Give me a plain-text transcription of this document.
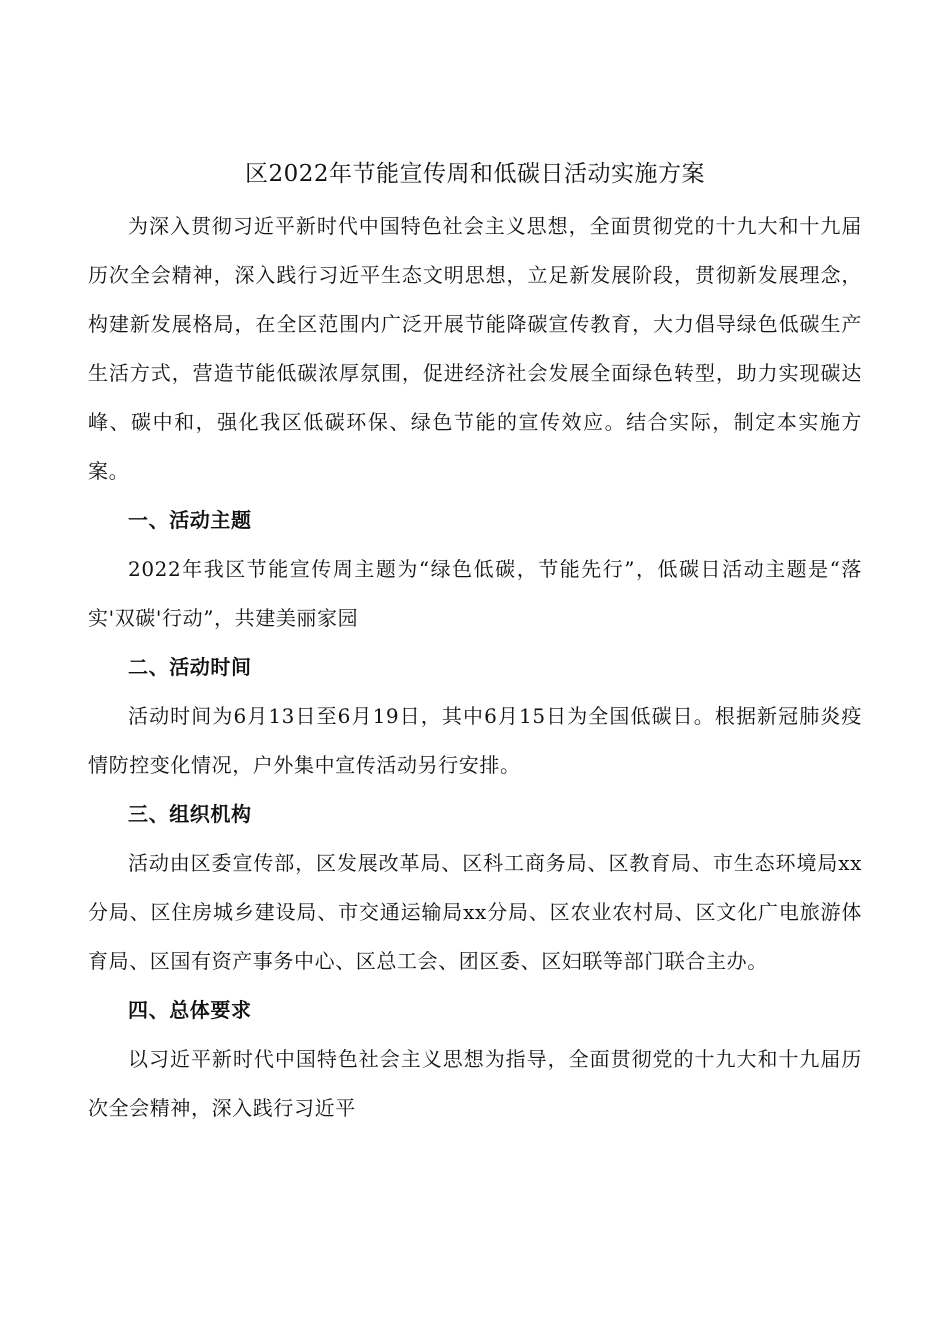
区2022年节能宣传周和低碳日活动实施方案

为深入贯彻习近平新时代中国特色社会主义思想，全面贯彻党的十九大和十九届历次全会精神，深入践行习近平生态文明思想，立足新发展阶段，贯彻新发展理念，构建新发展格局，在全区范围内广泛开展节能降碳宣传教育，大力倡导绿色低碳生产生活方式，营造节能低碳浓厚氛围，促进经济社会发展全面绿色转型，助力实现碳达峰、碳中和，强化我区低碳环保、绿色节能的宣传效应。结合实际，制定本实施方案。

一、活动主题

2022年我区节能宣传周主题为“绿色低碳，节能先行”，低碳日活动主题是“落实'双碳'行动”，共建美丽家园

二、活动时间

活动时间为6月13日至6月19日，其中6月15日为全国低碳日。根据新冠肺炎疫情防控变化情况，户外集中宣传活动另行安排。

三、组织机构

活动由区委宣传部，区发展改革局、区科工商务局、区教育局、市生态环境局xx分局、区住房城乡建设局、市交通运输局xx分局、区农业农村局、区文化广电旅游体育局、区国有资产事务中心、区总工会、团区委、区妇联等部门联合主办。

四、总体要求

以习近平新时代中国特色社会主义思想为指导，全面贯彻党的十九大和十九届历次全会精神，深入践行习近平
